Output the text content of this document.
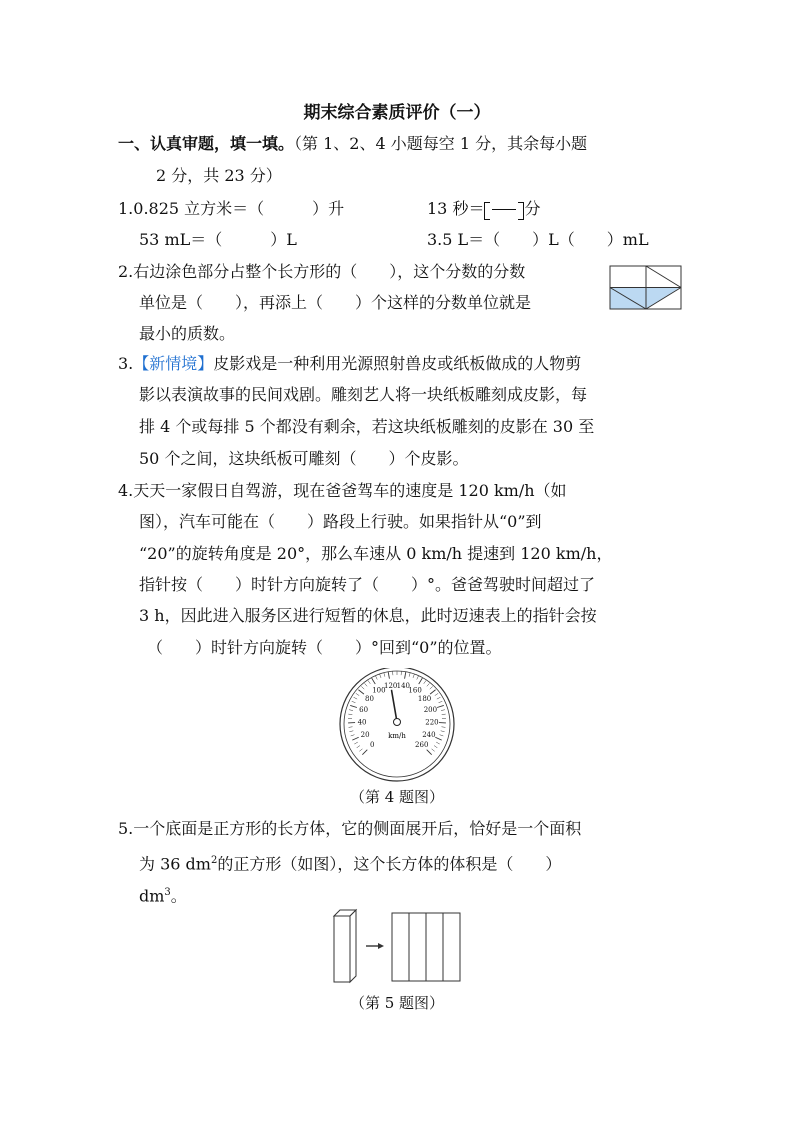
期末综合素质评价（一）
一、认真审题，填一填。（第 1、2、4 小题每空 1 分，其余每小题
2 分，共 23 分）
1.0.825 立方米＝（　　　）升	13 秒＝	分
53 mL＝（　　　）L	3.5 L＝（　　）L（　　）mL
2.右边涂色部分占整个长方形的（　　），这个分数的分数
单位是（　　），再添上（　　）个这样的分数单位就是
最小的质数。
3.【新情境】皮影戏是一种利用光源照射兽皮或纸板做成的人物剪
影以表演故事的民间戏剧。雕刻艺人将一块纸板雕刻成皮影，每
排 4 个或每排 5 个都没有剩余，若这块纸板雕刻的皮影在 30 至
50 个之间，这块纸板可雕刻（　　）个皮影。
4.天天一家假日自驾游，现在爸爸驾车的速度是 120 km/h（如
图），汽车可能在（　　）路段上行驶。如果指针从“0”到
“20”的旋转角度是 20°，那么车速从 0 km/h 提速到 120 km/h，
指针按（　　）时针方向旋转了（　　）°。爸爸驾驶时间超过了
3 h，因此进入服务区进行短暂的休息，此时迈速表上的指针会按
（　　）时针方向旋转（　　）°回到“0”的位置。
0
20
40
60
80
100
120 140
160
180
200
220
240
260
km/h
（第 4 题图）
5.一个底面是正方形的长方体，它的侧面展开后，恰好是一个面积
为 36 $dm^2$的正方形（如图），这个长方体的体积是（　　）
$dm^3$。
（第 5 题图）
